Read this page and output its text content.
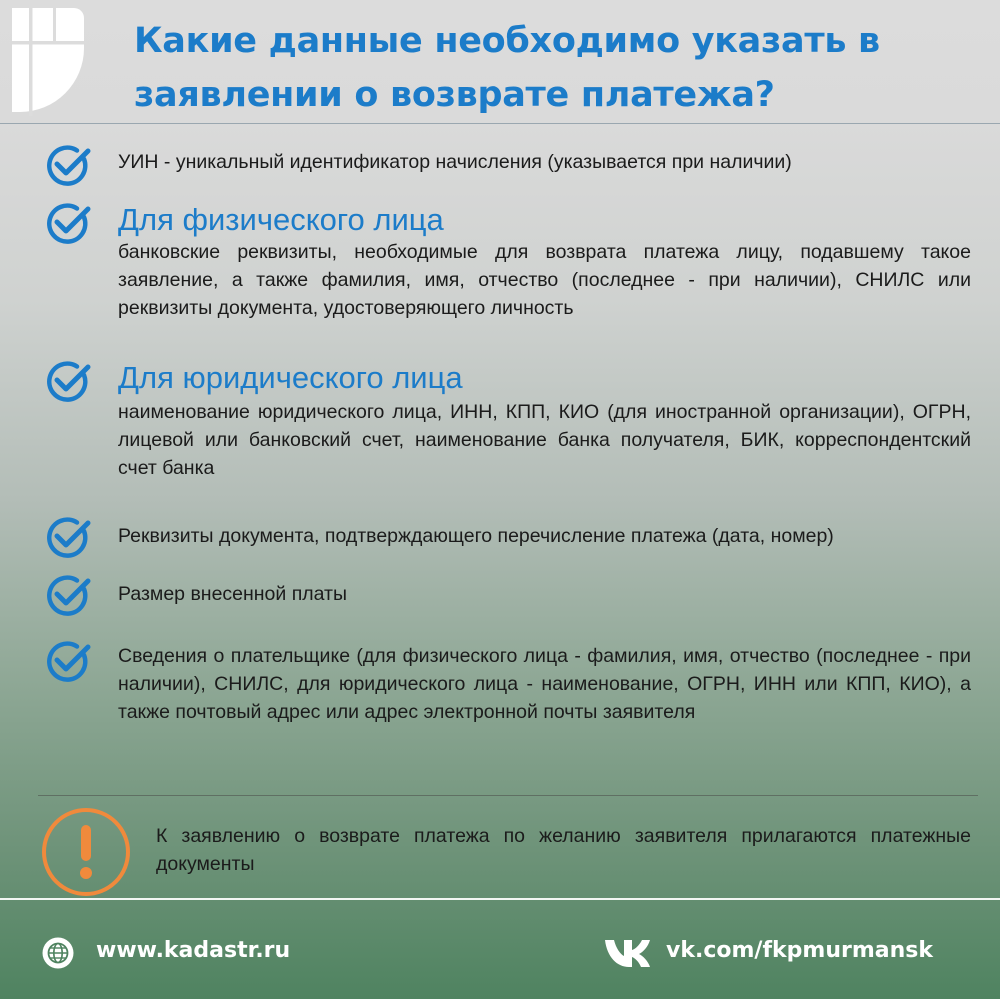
Какие данные необходимо указать в заявлении о возврате платежа?
УИН - уникальный идентификатор начисления (указывается при наличии)
Для физического лица
банковские реквизиты, необходимые для возврата платежа лицу, подавшему такое заявление, а также фамилия, имя, отчество (последнее - при наличии), СНИЛС или реквизиты документа, удостоверяющего личность
Для юридического лица
наименование юридического лица, ИНН, КПП, КИО (для иностранной организации), ОГРН, лицевой или банковский счет, наименование банка получателя, БИК, корреспондентский счет банка
Реквизиты документа, подтверждающего перечисление платежа (дата, номер)
Размер внесенной платы
Сведения о плательщике (для физического лица - фамилия, имя, отчество (последнее - при наличии), СНИЛС, для юридического лица - наименование, ОГРН, ИНН или КПП, КИО), а также почтовый адрес или адрес электронной почты заявителя
К заявлению о возврате платежа по желанию заявителя прилагаются платежные документы
www.kadastr.ru	vk.com/fkpmurmansk
